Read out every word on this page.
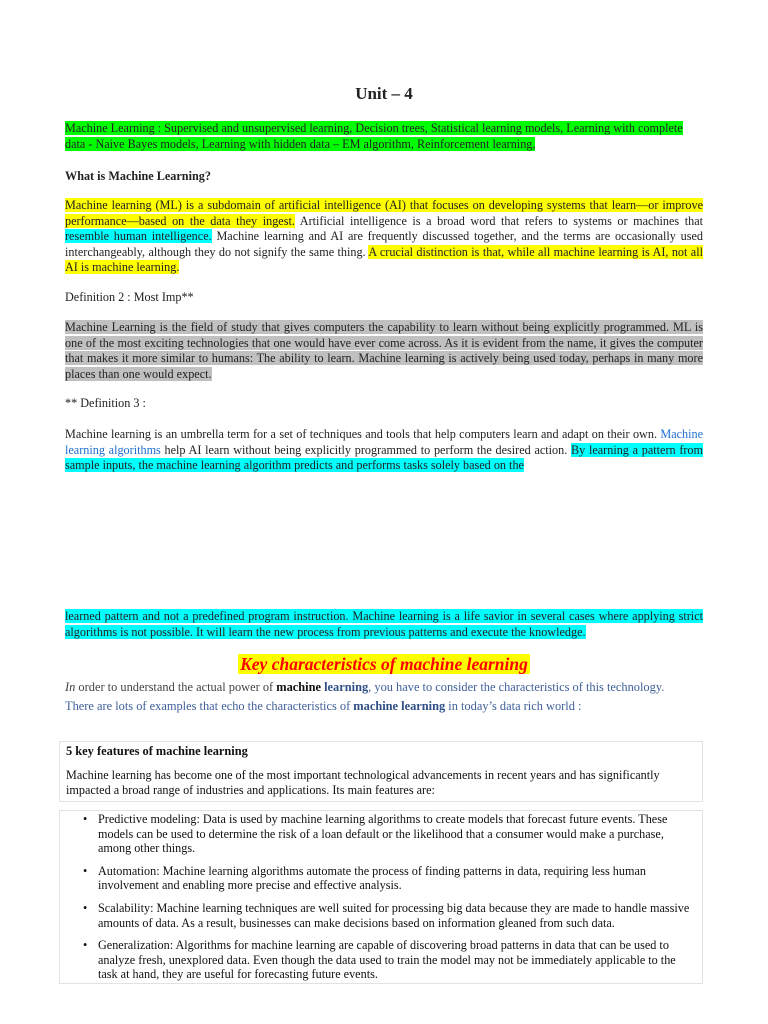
Unit – 4

Machine Learning : Supervised and unsupervised learning, Decision trees, Statistical learning models, Learning with complete data - Naive Bayes models, Learning with hidden data – EM algorithm, Reinforcement learning,

What is Machine Learning?

Machine learning (ML) is a subdomain of artificial intelligence (AI) that focuses on developing systems that learn—or improve performance—based on the data they ingest. Artificial intelligence is a broad word that refers to systems or machines that resemble human intelligence. Machine learning and AI are frequently discussed together, and the terms are occasionally used interchangeably, although they do not signify the same thing. A crucial distinction is that, while all machine learning is AI, not all AI is machine learning.

Definition 2 : Most Imp**

Machine Learning is the field of study that gives computers the capability to learn without being explicitly programmed. ML is one of the most exciting technologies that one would have ever come across. As it is evident from the name, it gives the computer that makes it more similar to humans: The ability to learn. Machine learning is actively being used today, perhaps in many more places than one would expect.

** Definition 3 :

Machine learning is an umbrella term for a set of techniques and tools that help computers learn and adapt on their own. Machine learning algorithms help AI learn without being explicitly programmed to perform the desired action. By learning a pattern from sample inputs, the machine learning algorithm predicts and performs tasks solely based on the

learned pattern and not a predefined program instruction. Machine learning is a life savior in several cases where applying strict algorithms is not possible. It will learn the new process from previous patterns and execute the knowledge.

Key characteristics of machine learning

In order to understand the actual power of machine learning, you have to consider the characteristics of this technology.

There are lots of examples that echo the characteristics of machine learning in today’s data rich world :

5 key features of machine learning

Machine learning has become one of the most important technological advancements in recent years and has significantly impacted a broad range of industries and applications. Its main features are:

• Predictive modeling: Data is used by machine learning algorithms to create models that forecast future events. These models can be used to determine the risk of a loan default or the likelihood that a consumer would make a purchase, among other things.
• Automation: Machine learning algorithms automate the process of finding patterns in data, requiring less human involvement and enabling more precise and effective analysis.
• Scalability: Machine learning techniques are well suited for processing big data because they are made to handle massive amounts of data. As a result, businesses can make decisions based on information gleaned from such data.
• Generalization: Algorithms for machine learning are capable of discovering broad patterns in data that can be used to analyze fresh, unexplored data. Even though the data used to train the model may not be immediately applicable to the task at hand, they are useful for forecasting future events.
